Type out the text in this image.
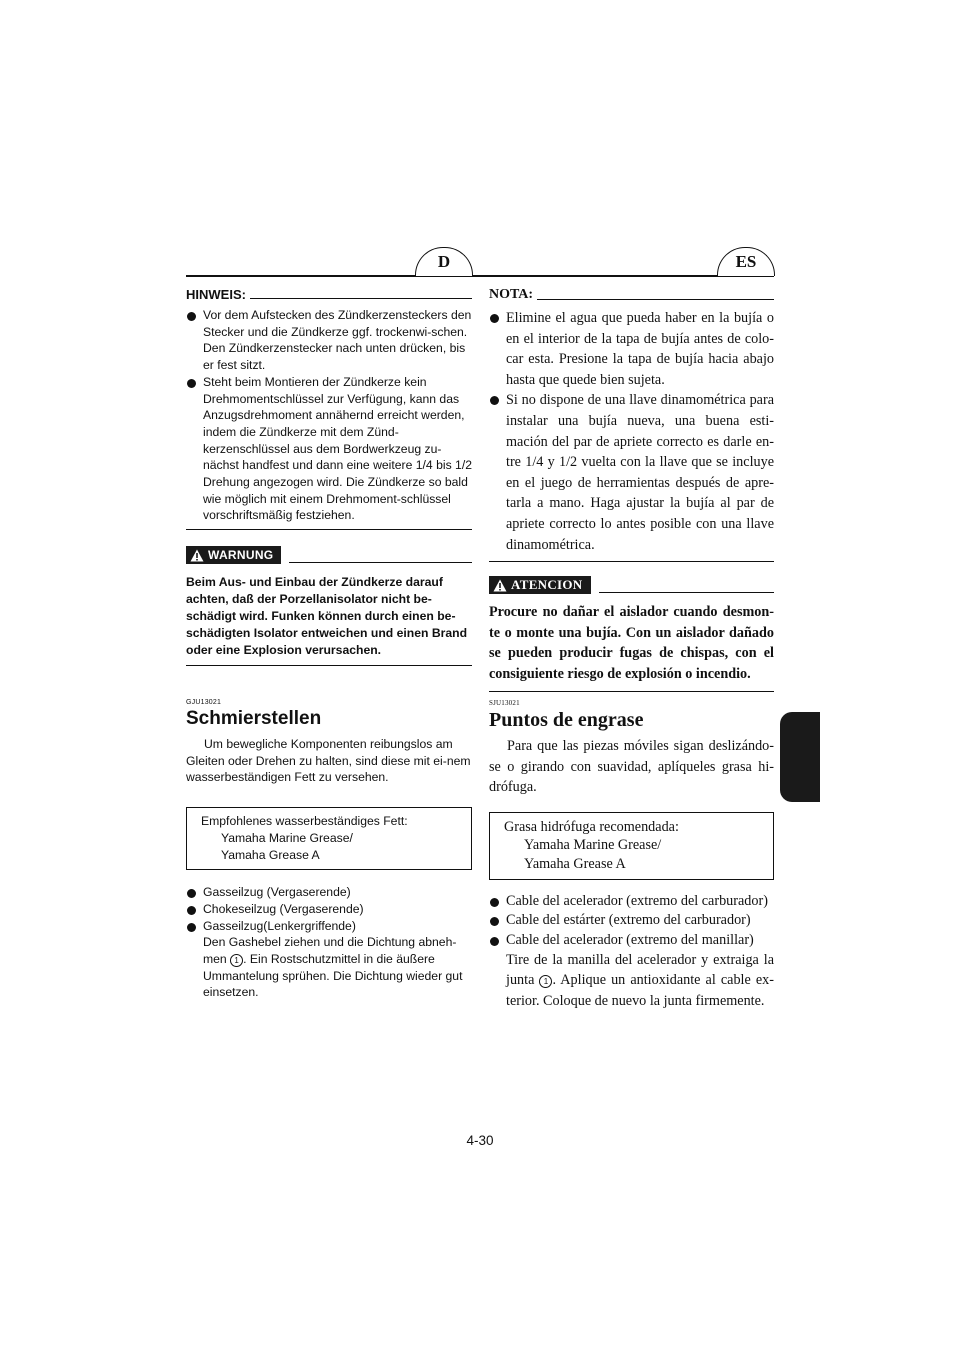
D	ES
HINWEIS:
Vor dem Aufstecken des Zündkerzensteckers den Stecker und die Zündkerze ggf. trockenwi-schen. Den Zündkerzenstecker nach unten drücken, bis er fest sitzt.
Steht beim Montieren der Zündkerze kein Drehmomentschlüssel zur Verfügung, kann das Anzugsdrehmoment annähernd erreicht werden, indem die Zündkerze mit dem Zünd-kerzenschlüssel aus dem Bordwerkzeug zu-nächst handfest und dann eine weitere 1/4 bis 1/2 Drehung angezogen wird. Die Zündkerze so bald wie möglich mit einem Drehmoment-schlüssel vorschriftsmäßig festziehen.
WARNUNG
Beim Aus- und Einbau der Zündkerze darauf achten, daß der Porzellanisolator nicht be-schädigt wird. Funken können durch einen be-schädigten Isolator entweichen und einen Brand oder eine Explosion verursachen.
NOTA:
Elimine el agua que pueda haber en la bujía o en el interior de la tapa de bujía antes de colo-car esta. Presione la tapa de bujía hacia abajo hasta que quede bien sujeta.
Si no dispone de una llave dinamométrica para instalar una bujía nueva, una buena esti-mación del par de apriete correcto es darle en-tre 1/4 y 1/2 vuelta con la llave que se incluye en el juego de herramientas después de apre-tarla a mano. Haga ajustar la bujía al par de apriete correcto lo antes posible con una llave dinamométrica.
ATENCION
Procure no dañar el aislador cuando desmon-te o monte una bujía. Con un aislador dañado se pueden producir fugas de chispas, con el consiguiente riesgo de explosión o incendio.
GJU13021
Schmierstellen

Um bewegliche Komponenten reibungslos am Gleiten oder Drehen zu halten, sind diese mit ei-nem wasserbeständigen Fett zu versehen.

Empfohlenes wasserbeständiges Fett:
Yamaha Marine Grease/
Yamaha Grease A
Gasseilzug (Vergaserende)
Chokeseilzug (Vergaserende)
Gasseilzug(Lenkergriffende)
Den Gashebel ziehen und die Dichtung abneh-men 1 . Ein Rostschutzmittel in die äußere Ummantelung sprühen. Die Dichtung wieder gut einsetzen.
SJU13021
Puntos de engrase

Para que las piezas móviles sigan deslizándo-se o girando con suavidad, aplíqueles grasa hi-drófuga.

Grasa hidrófuga recomendada:
Yamaha Marine Grease/
Yamaha Grease A
Cable del acelerador (extremo del carburador)
Cable del estárter (extremo del carburador)
Cable del acelerador (extremo del manillar)
Tire de la manilla del acelerador y extraiga la junta 1 . Aplique un antioxidante al cable ex-terior. Coloque de nuevo la junta firmemente.
4-30
